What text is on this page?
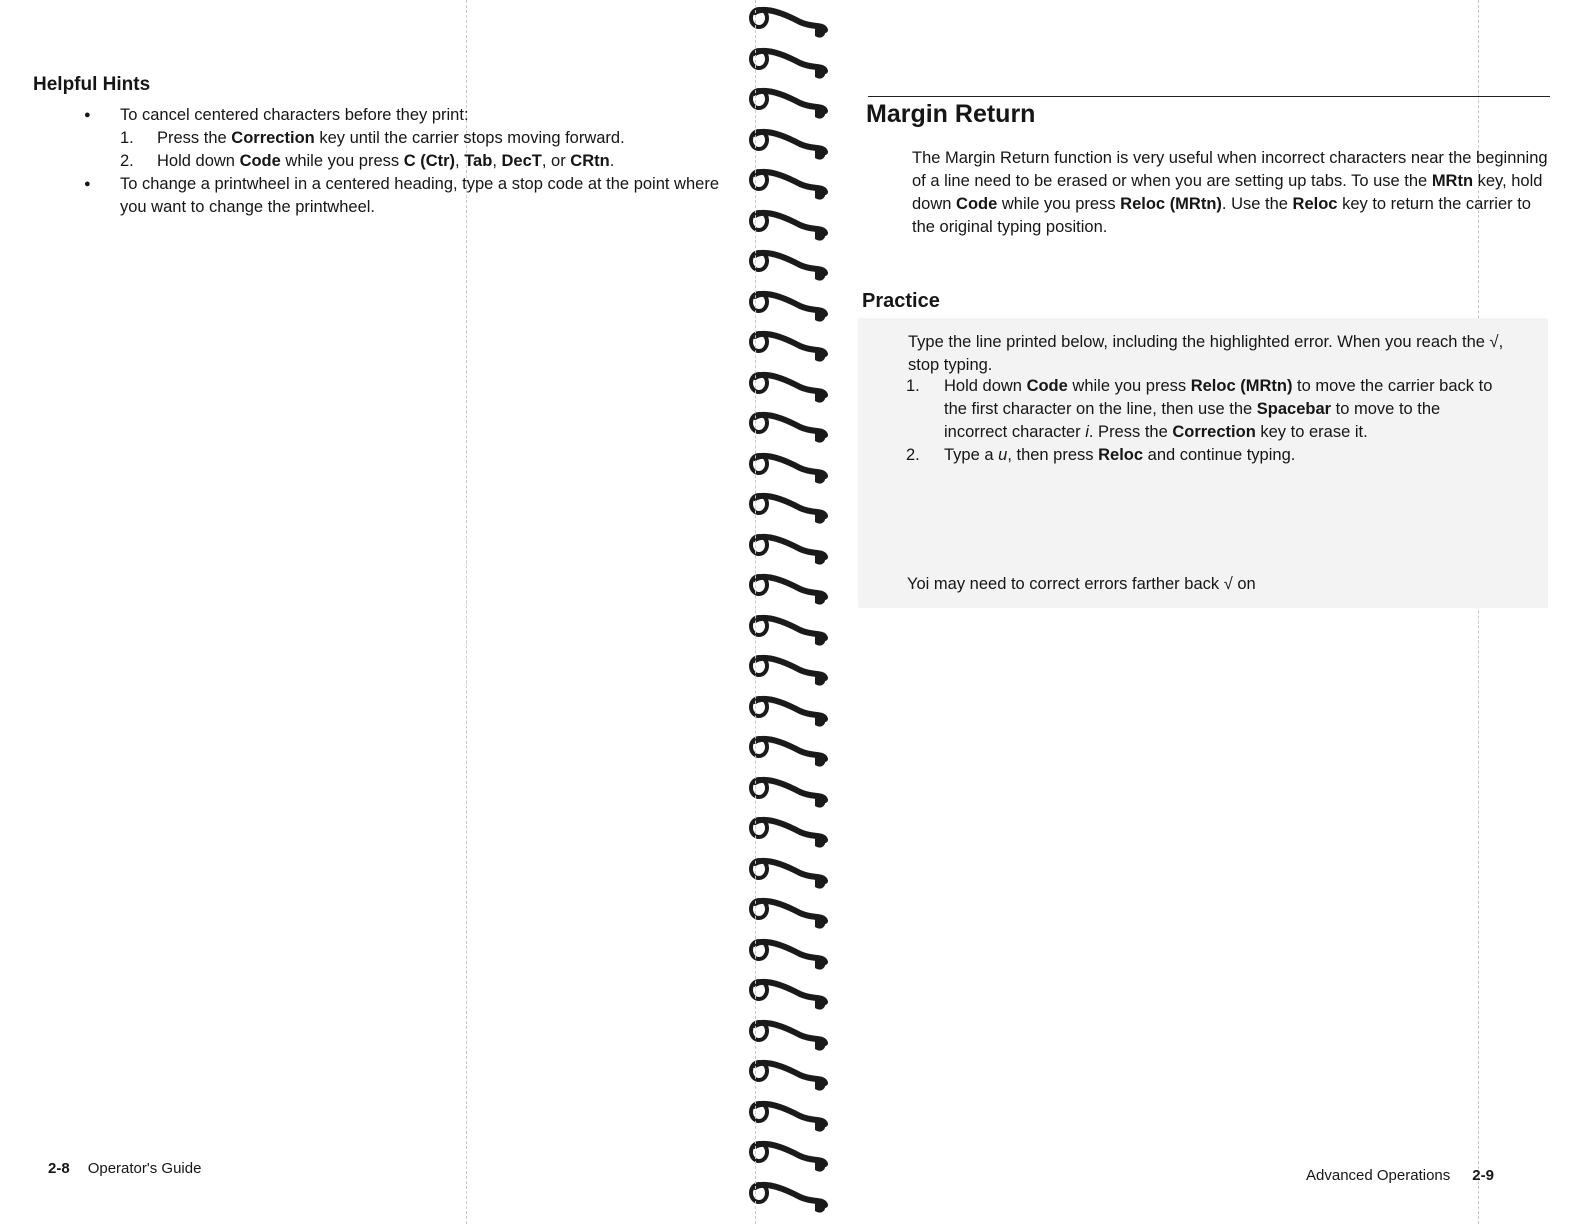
Helpful Hints
● To cancel centered characters before they print:
1. Press the Correction key until the carrier stops moving forward.
2. Hold down Code while you press C (Ctr), Tab, DecT, or CRtn.
● To change a printwheel in a centered heading, type a stop code at the point where you want to change the printwheel.
2-8 Operator's Guide
Margin Return

The Margin Return function is very useful when incorrect characters near the beginning of a line need to be erased or when you are setting up tabs. To use the MRtn key, hold down Code while you press Reloc (MRtn). Use the Reloc key to return the carrier to the original typing position.

Practice

Type the line printed below, including the highlighted error. When you reach the √, stop typing.

1. Hold down Code while you press Reloc (MRtn) to move the carrier back to the first character on the line, then use the Spacebar to move to the incorrect character i. Press the Correction key to erase it.
2. Type a u, then press Reloc and continue typing.

Yoi may need to correct errors farther back √ on

Advanced Operations 2-9
